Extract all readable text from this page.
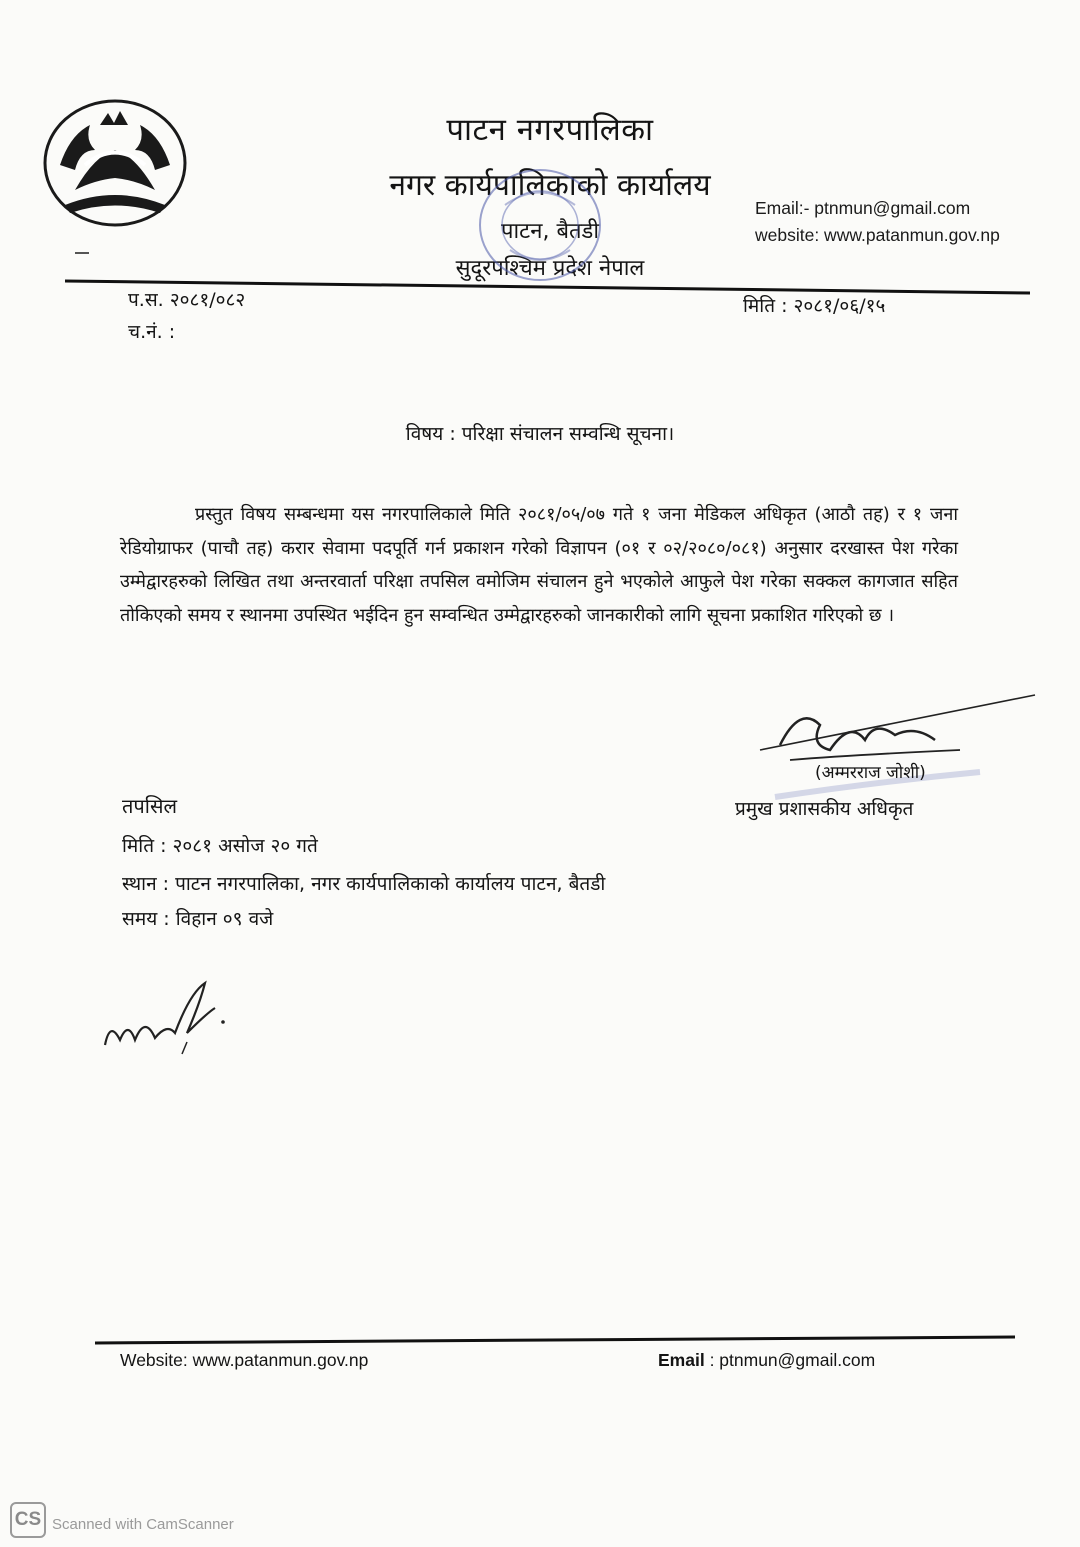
पाटन नगरपालिका
नगर कार्यपालिकाको कार्यालय
पाटन, बैतडी
सुदूरपश्चिम प्रदेश नेपाल
Email:- ptnmun@gmail.com
website: www.patanmun.gov.np
प.स. २०८१/०८२
च.नं. :
मिति : २०८१/०६/१५
विषय : परिक्षा संचालन सम्वन्धि सूचना।
प्रस्तुत विषय सम्बन्धमा यस नगरपालिकाले मिति २०८१/०५/०७ गते १ जना मेडिकल अधिकृत (आठौ तह) र १ जना रेडियोग्राफर (पाचौ तह) करार सेवामा पदपूर्ति गर्न प्रकाशन गरेको विज्ञापन (०१ र ०२/२०८०/०८१) अनुसार दरखास्त पेश गरेका उम्मेद्वारहरुको लिखित तथा अन्तरवार्ता परिक्षा तपसिल वमोजिम संचालन हुने भएकोले आफुले पेश गरेका सक्कल कागजात सहित तोकिएको समय र स्थानमा उपस्थित भईदिन हुन सम्वन्धित उम्मेद्वारहरुको जानकारीको लागि सूचना प्रकाशित गरिएको छ ।
(अम्मरराज जोशी)
प्रमुख प्रशासकीय अधिकृत
तपसिल
मिति : २०८१ असोज २० गते
स्थान : पाटन नगरपालिका, नगर कार्यपालिकाको कार्यालय पाटन, बैतडी
समय : विहान ०९ वजे
Website: www.patanmun.gov.np	Email : ptnmun@gmail.com
CS Scanned with CamScanner
